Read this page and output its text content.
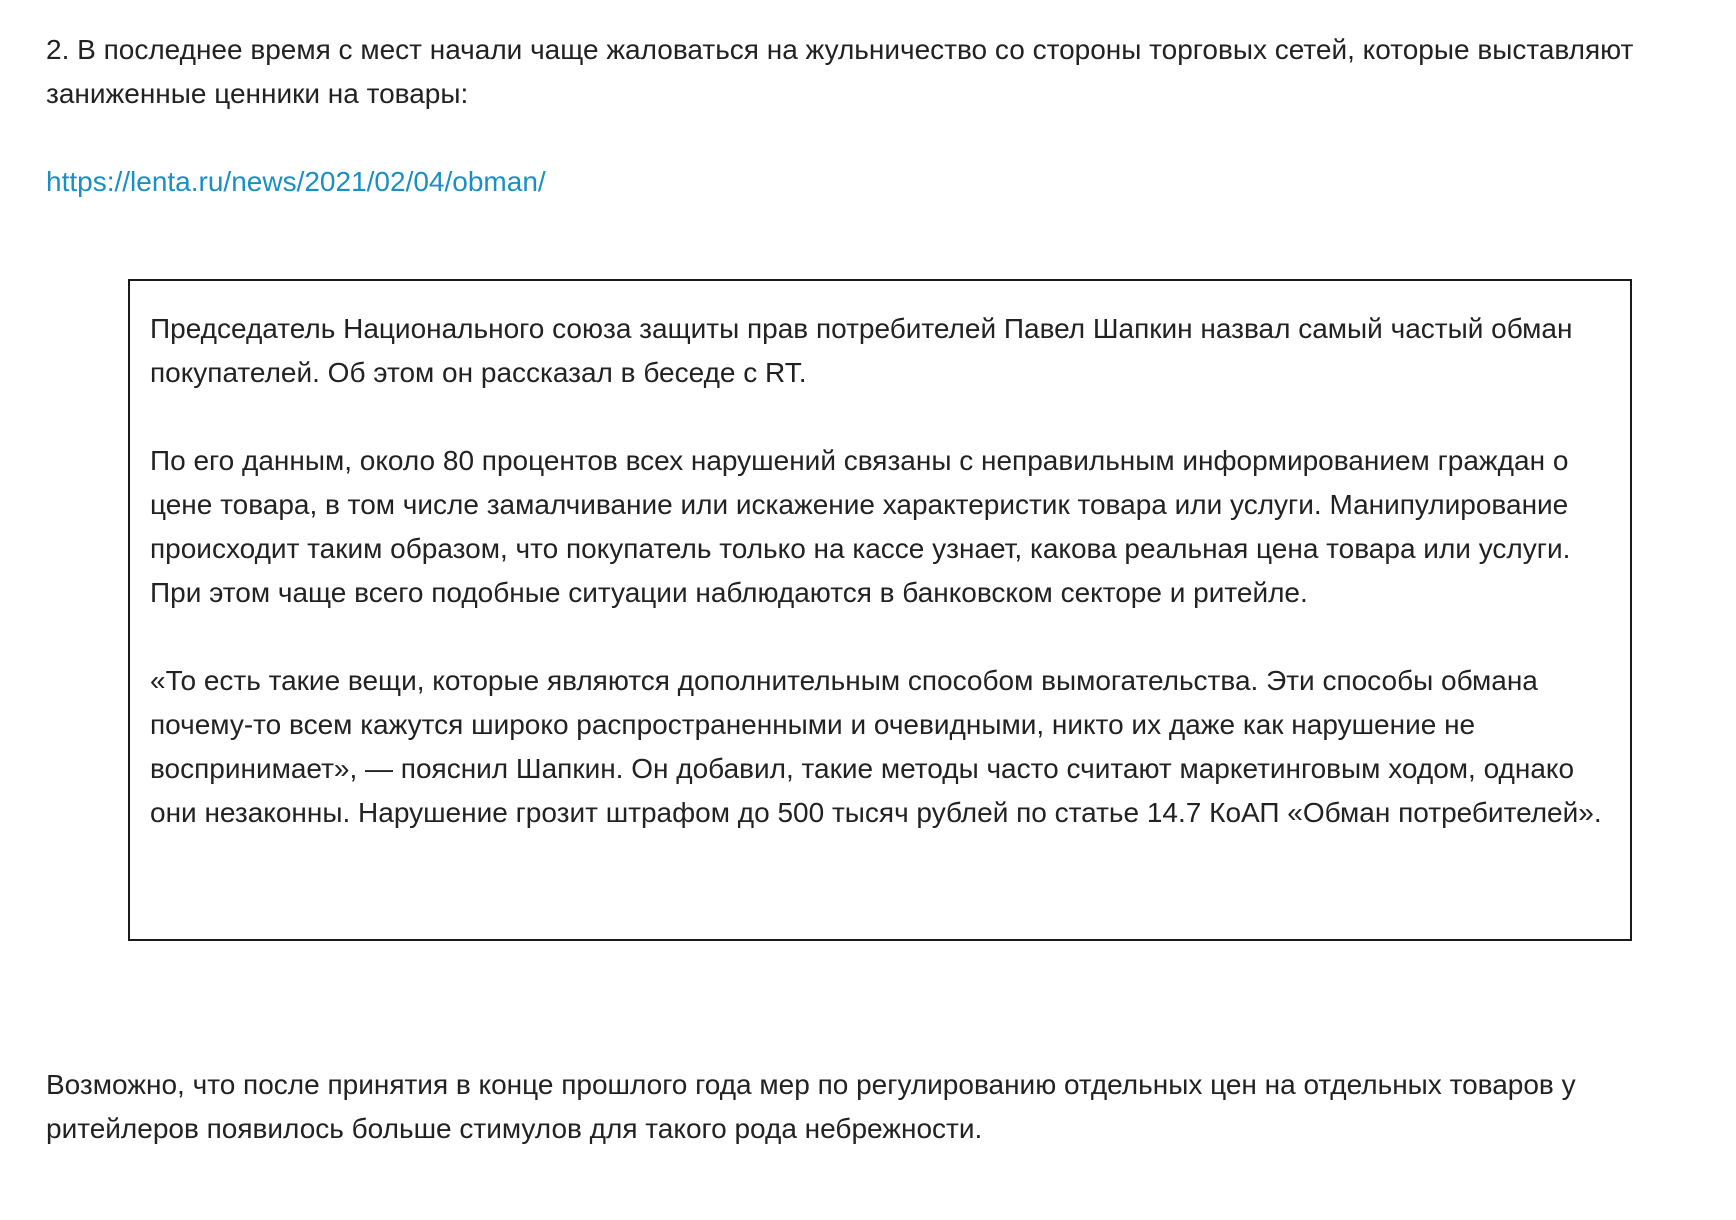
2. В последнее время с мест начали чаще жаловаться на жульничество со стороны торговых сетей, которые выставляют заниженные ценники на товары:

https://lenta.ru/news/2021/02/04/obman/

Председатель Национального союза защиты прав потребителей Павел Шапкин назвал самый частый обман покупателей. Об этом он рассказал в беседе с RT.

По его данным, около 80 процентов всех нарушений связаны с неправильным информированием граждан о цене товара, в том числе замалчивание или искажение характеристик товара или услуги. Манипулирование происходит таким образом, что покупатель только на кассе узнает, какова реальная цена товара или услуги. При этом чаще всего подобные ситуации наблюдаются в банковском секторе и ритейле.

«То есть такие вещи, которые являются дополнительным способом вымогательства. Эти способы обмана почему-то всем кажутся широко распространенными и очевидными, никто их даже как нарушение не воспринимает», — пояснил Шапкин. Он добавил, такие методы часто считают маркетинговым ходом, однако они незаконны. Нарушение грозит штрафом до 500 тысяч рублей по статье 14.7 КоАП «Обман потребителей».

Возможно, что после принятия в конце прошлого года мер по регулированию отдельных цен на отдельных товаров у ритейлеров появилось больше стимулов для такого рода небрежности.
